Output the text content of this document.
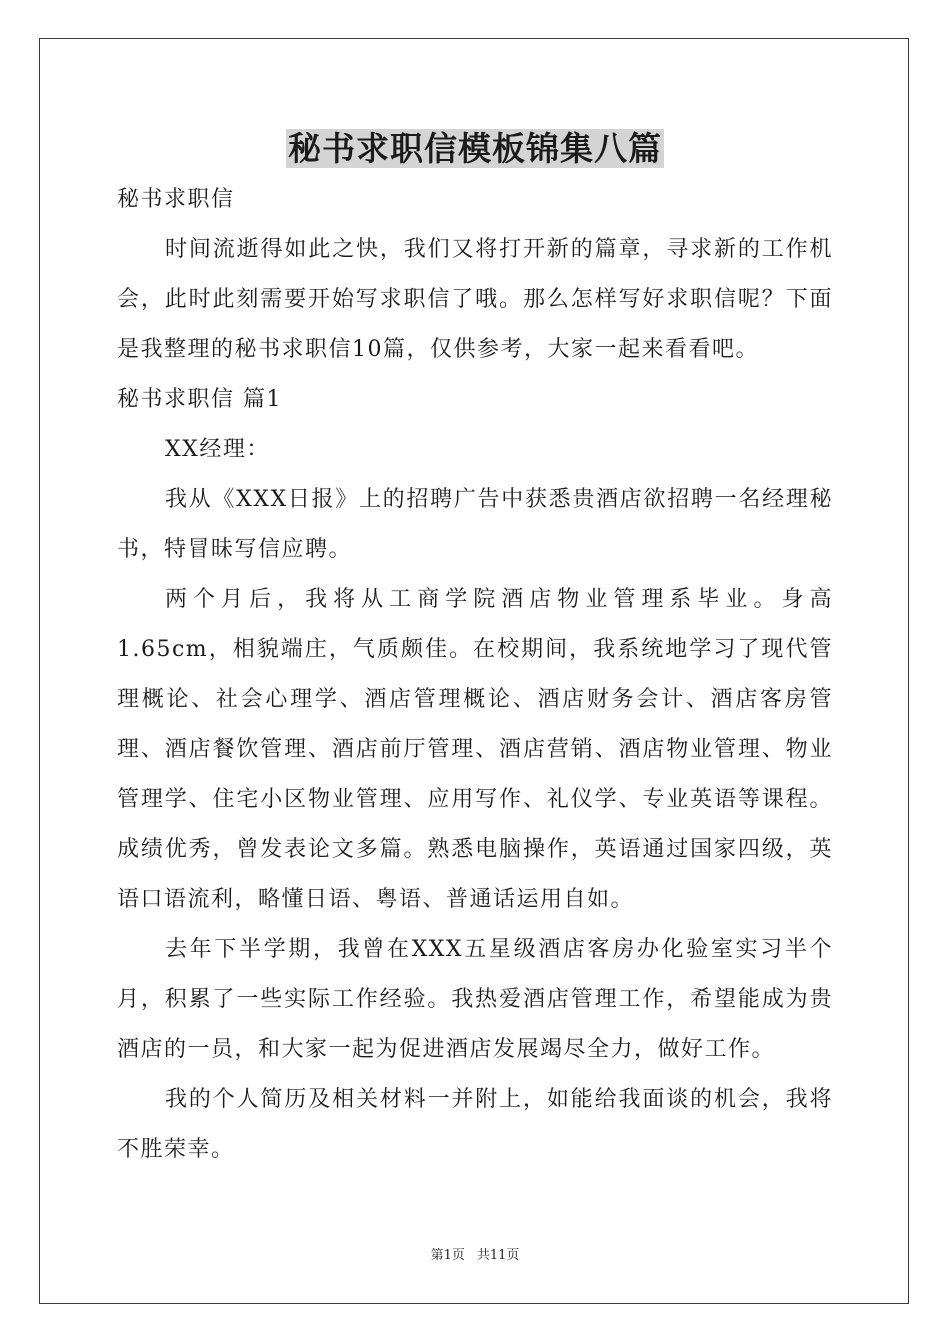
秘书求职信模板锦集八篇

秘书求职信

时间流逝得如此之快，我们又将打开新的篇章，寻求新的工作机会，此时此刻需要开始写求职信了哦。那么怎样写好求职信呢？下面是我整理的秘书求职信10篇，仅供参考，大家一起来看看吧。

秘书求职信 篇1

XX经理：

我从《XXX日报》上的招聘广告中获悉贵酒店欲招聘一名经理秘书，特冒昧写信应聘。

两个月后，我将从工商学院酒店物业管理系毕业。身高1.65cm，相貌端庄，气质颇佳。在校期间，我系统地学习了现代管理概论、社会心理学、酒店管理概论、酒店财务会计、酒店客房管理、酒店餐饮管理、酒店前厅管理、酒店营销、酒店物业管理、物业管理学、住宅小区物业管理、应用写作、礼仪学、专业英语等课程。成绩优秀，曾发表论文多篇。熟悉电脑操作，英语通过国家四级，英语口语流利，略懂日语、粤语、普通话运用自如。

去年下半学期，我曾在XXX五星级酒店客房办化验室实习半个月，积累了一些实际工作经验。我热爱酒店管理工作，希望能成为贵酒店的一员，和大家一起为促进酒店发展竭尽全力，做好工作。

我的个人简历及相关材料一并附上，如能给我面谈的机会，我将不胜荣幸。

第1页 共11页
